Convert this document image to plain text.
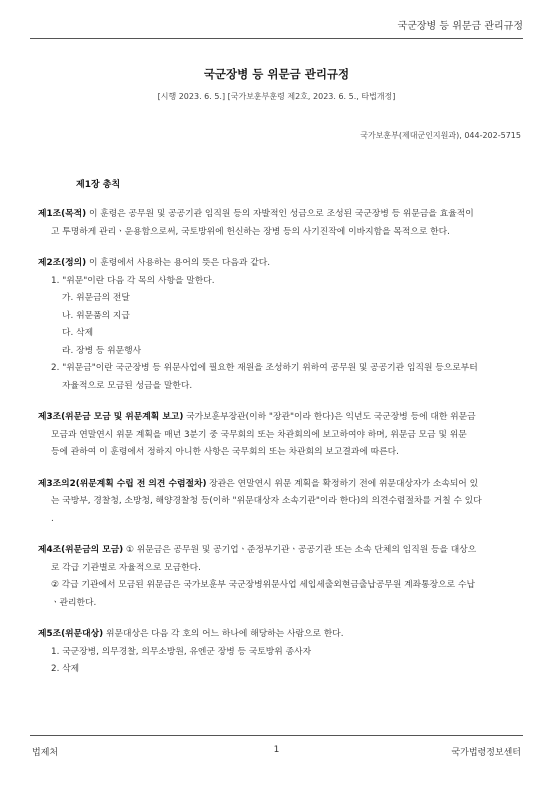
국군장병 등 위문금 관리규정
국군장병 등 위문금 관리규정
[시행 2023. 6. 5.] [국가보훈부훈령 제2호, 2023. 6. 5., 타법개정]
국가보훈부(제대군인지원과), 044-202-5715
제1장 총칙
제1조(목적) 이 훈령은 공무원 및 공공기관 임직원 등의 자발적인 성금으로 조성된 국군장병 등 위문금을 효율적이
고 투명하게 관리ㆍ운용함으로써, 국토방위에 헌신하는 장병 등의 사기진작에 이바지함을 목적으로 한다.
제2조(정의) 이 훈령에서 사용하는 용어의 뜻은 다음과 같다.
1. "위문"이란 다음 각 목의 사항을 말한다.
가. 위문금의 전달
나. 위문품의 지급
다. 삭제
라. 장병 등 위문행사
2. "위문금"이란 국군장병 등 위문사업에 필요한 재원을 조성하기 위하여 공무원 및 공공기관 임직원 등으로부터
자율적으로 모금된 성금을 말한다.
제3조(위문금 모금 및 위문계획 보고) 국가보훈부장관(이하 "장관"이라 한다)은 익년도 국군장병 등에 대한 위문금
모금과 연말연시 위문 계획을 매년 3분기 중 국무회의 또는 차관회의에 보고하여야 하며, 위문금 모금 및 위문
등에 관하여 이 훈령에서 정하지 아니한 사항은 국무회의 또는 차관회의 보고결과에 따른다.
제3조의2(위문계획 수립 전 의견 수렴절차) 장관은 연말연시 위문 계획을 확정하기 전에 위문대상자가 소속되어 있
는 국방부, 경찰청, 소방청, 해양경찰청 등(이하 "위문대상자 소속기관"이라 한다)의 의견수렴절차를 거칠 수 있다
.
제4조(위문금의 모금) ① 위문금은 공무원 및 공기업ㆍ준정부기관ㆍ공공기관 또는 소속 단체의 임직원 등을 대상으
로 각급 기관별로 자율적으로 모금한다.
② 각급 기관에서 모금된 위문금은 국가보훈부 국군장병위문사업 세입세출외현금출납공무원 계좌통장으로 수납
ㆍ관리한다.
제5조(위문대상) 위문대상은 다음 각 호의 어느 하나에 해당하는 사람으로 한다.
1. 국군장병, 의무경찰, 의무소방원, 유엔군 장병 등 국토방위 종사자
2. 삭제
법제처	1	국가법령정보센터
